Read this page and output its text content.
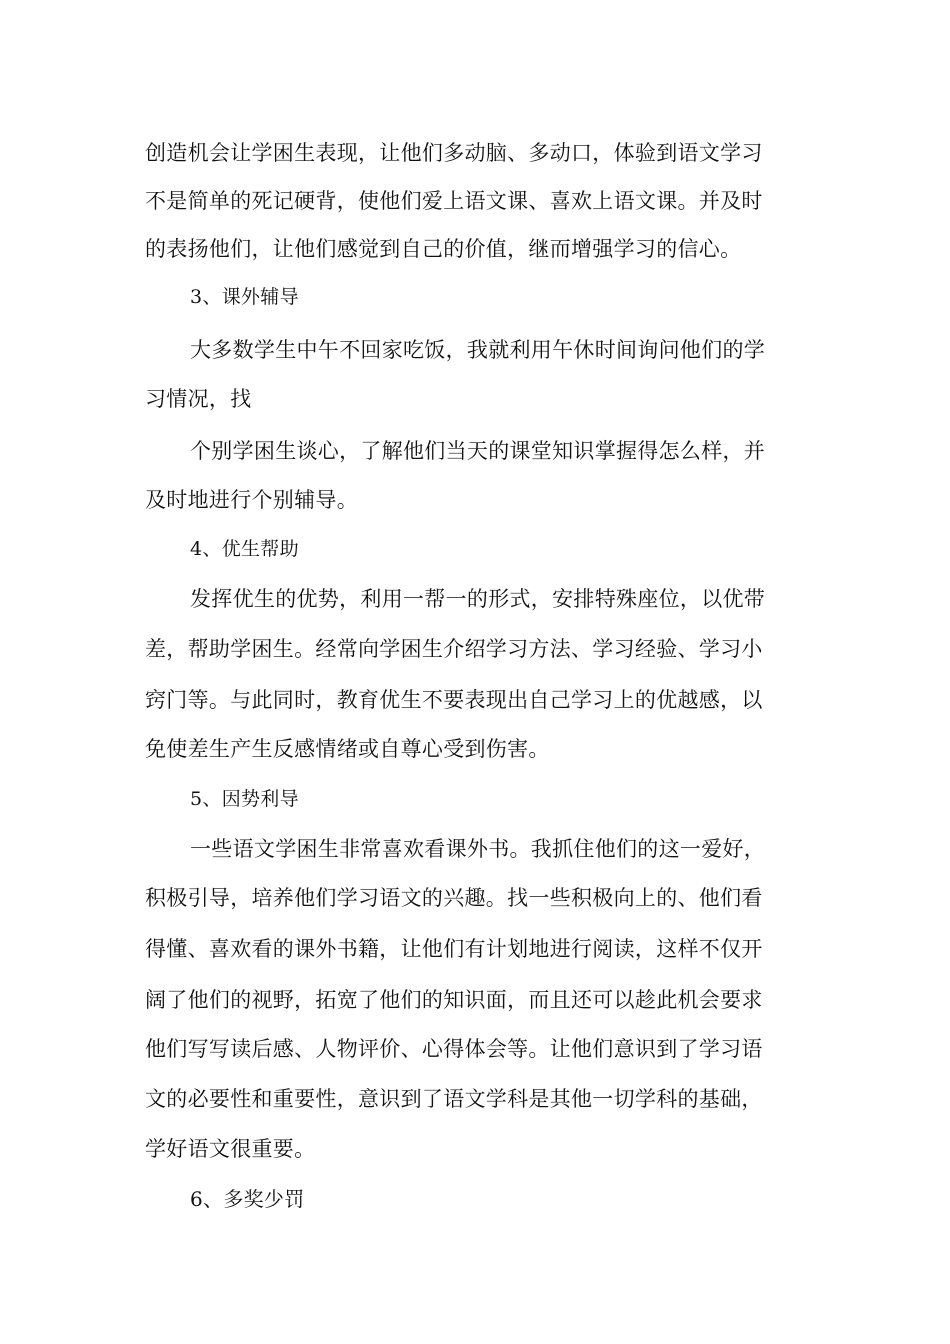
创造机会让学困生表现，让他们多动脑、多动口，体验到语文学习
不是简单的死记硬背，使他们爱上语文课、喜欢上语文课。并及时
的表扬他们，让他们感觉到自己的价值，继而增强学习的信心。
3、课外辅导
大多数学生中午不回家吃饭，我就利用午休时间询问他们的学
习情况，找
个别学困生谈心，了解他们当天的课堂知识掌握得怎么样，并
及时地进行个别辅导。
4、优生帮助
发挥优生的优势，利用一帮一的形式，安排特殊座位，以优带
差，帮助学困生。经常向学困生介绍学习方法、学习经验、学习小
窍门等。与此同时，教育优生不要表现出自己学习上的优越感，以
免使差生产生反感情绪或自尊心受到伤害。
5、因势利导
一些语文学困生非常喜欢看课外书。我抓住他们的这一爱好，
积极引导，培养他们学习语文的兴趣。找一些积极向上的、他们看
得懂、喜欢看的课外书籍，让他们有计划地进行阅读，这样不仅开
阔了他们的视野，拓宽了他们的知识面，而且还可以趁此机会要求
他们写写读后感、人物评价、心得体会等。让他们意识到了学习语
文的必要性和重要性，意识到了语文学科是其他一切学科的基础，
学好语文很重要。
6、多奖少罚
